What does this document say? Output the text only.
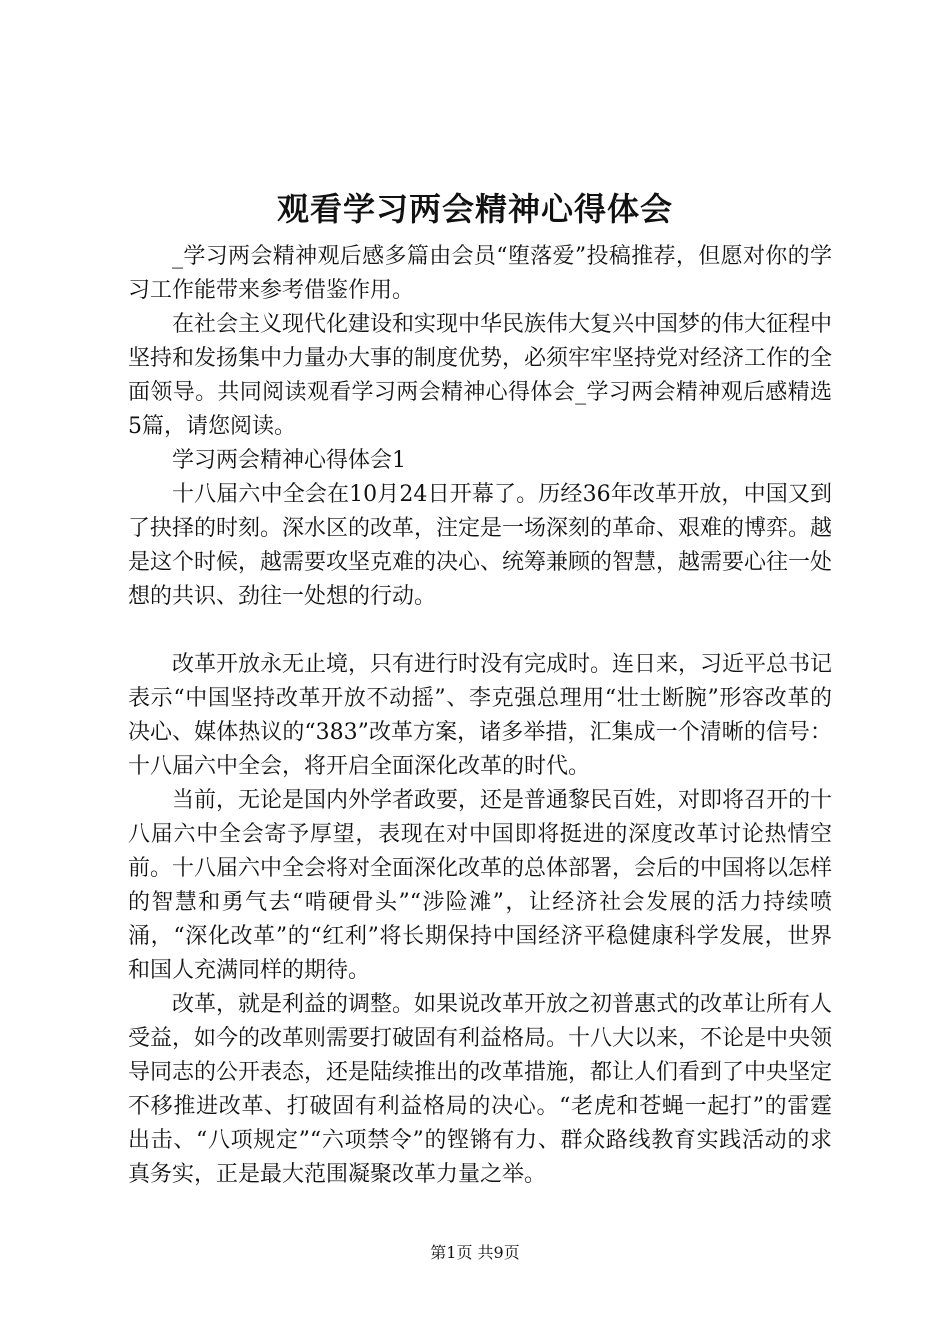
观看学习两会精神心得体会

_学习两会精神观后感多篇由会员“堕落爱”投稿推荐，但愿对你的学习工作能带来参考借鉴作用。

在社会主义现代化建设和实现中华民族伟大复兴中国梦的伟大征程中坚持和发扬集中力量办大事的制度优势，必须牢牢坚持党对经济工作的全面领导。共同阅读观看学习两会精神心得体会_学习两会精神观后感精选5篇，请您阅读。

学习两会精神心得体会1

十八届六中全会在10月24日开幕了。历经36年改革开放，中国又到了抉择的时刻。深水区的改革，注定是一场深刻的革命、艰难的博弈。越是这个时候，越需要攻坚克难的决心、统筹兼顾的智慧，越需要心往一处想的共识、劲往一处想的行动。

改革开放永无止境，只有进行时没有完成时。连日来，习近平总书记表示“中国坚持改革开放不动摇”、李克强总理用“壮士断腕”形容改革的决心、媒体热议的“383”改革方案，诸多举措，汇集成一个清晰的信号：十八届六中全会，将开启全面深化改革的时代。

当前，无论是国内外学者政要，还是普通黎民百姓，对即将召开的十八届六中全会寄予厚望，表现在对中国即将挺进的深度改革讨论热情空前。十八届六中全会将对全面深化改革的总体部署，会后的中国将以怎样的智慧和勇气去“啃硬骨头”“涉险滩”，让经济社会发展的活力持续喷涌，“深化改革”的“红利”将长期保持中国经济平稳健康科学发展，世界和国人充满同样的期待。

改革，就是利益的调整。如果说改革开放之初普惠式的改革让所有人受益，如今的改革则需要打破固有利益格局。十八大以来，不论是中央领导同志的公开表态，还是陆续推出的改革措施，都让人们看到了中央坚定不移推进改革、打破固有利益格局的决心。“老虎和苍蝇一起打”的雷霆出击、“八项规定”“六项禁令”的铿锵有力、群众路线教育实践活动的求真务实，正是最大范围凝聚改革力量之举。

第1页 共9页
